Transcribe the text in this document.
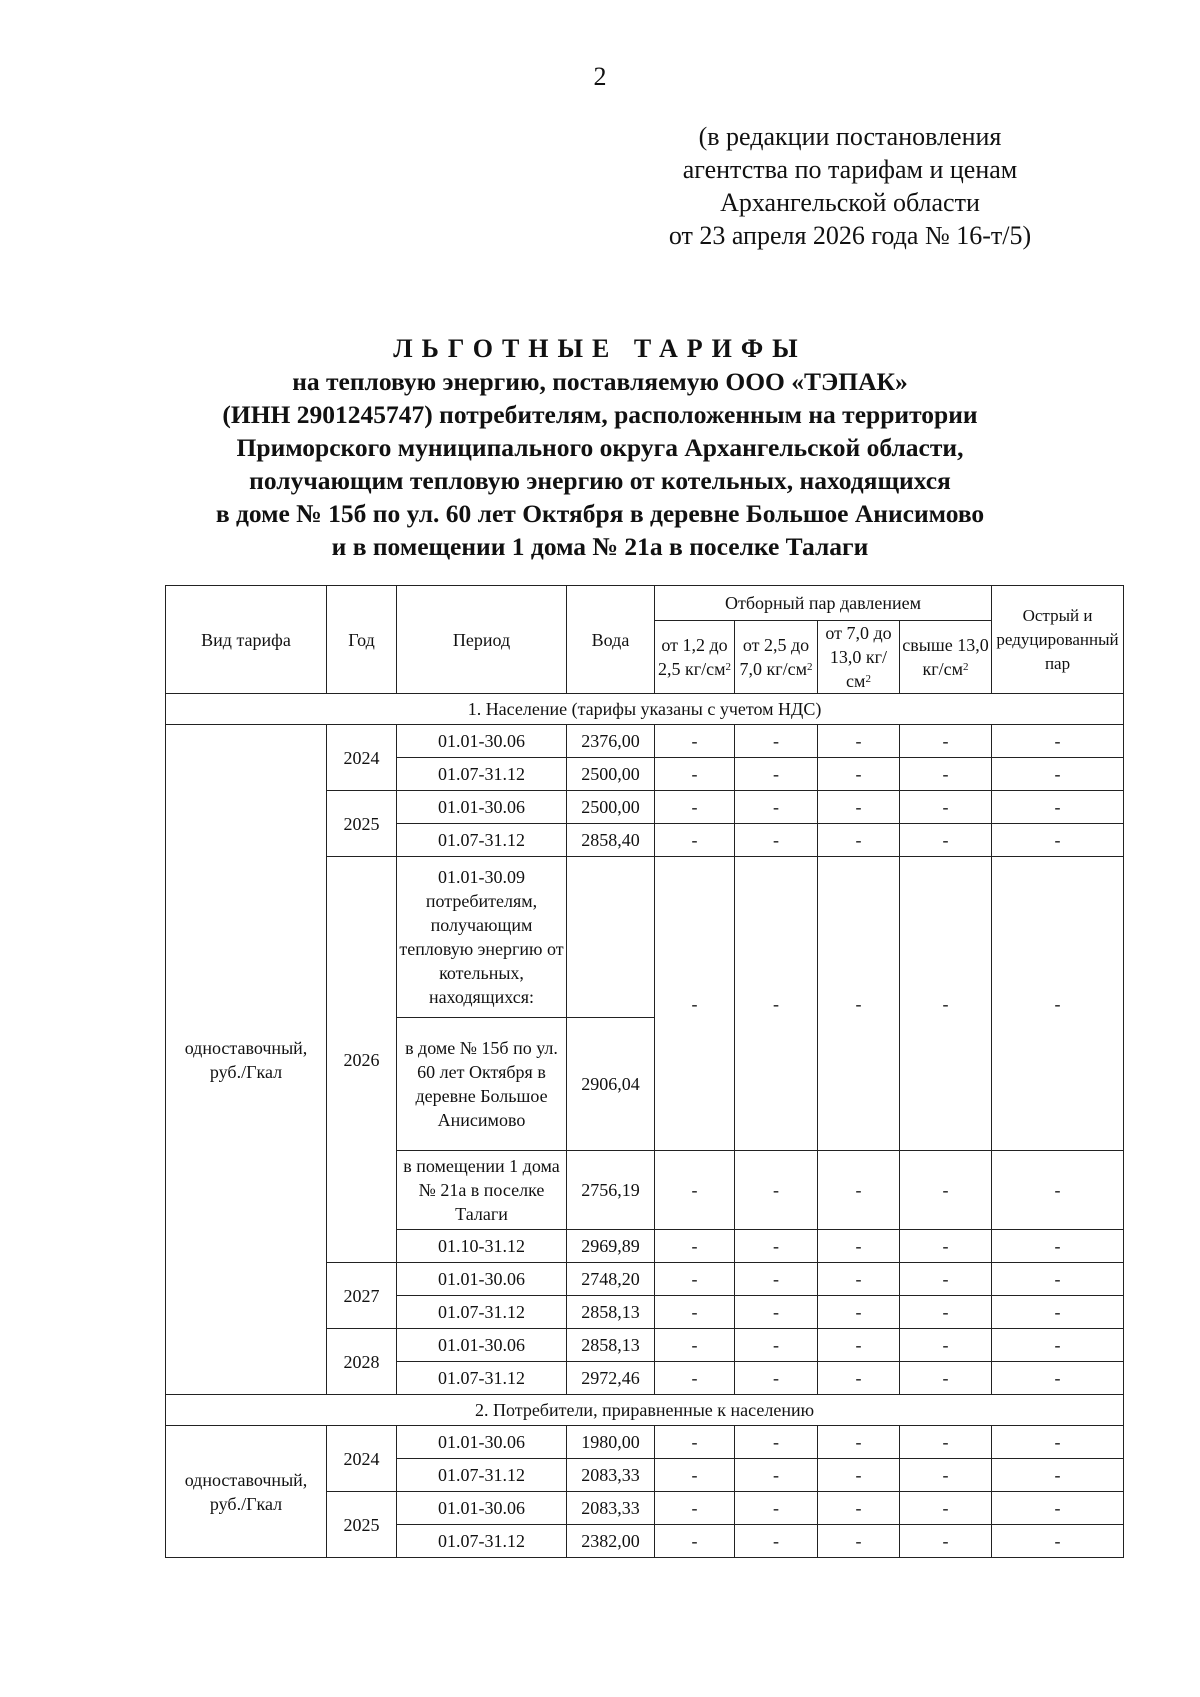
2
(в редакции постановления
агентства по тарифам и ценам
Архангельской области
от 23 апреля 2026 года № 16-т/5)
ЛЬГОТНЫЕ ТАРИФЫ
на тепловую энергию, поставляемую ООО «ТЭПАК»
(ИНН 2901245747) потребителям, расположенным на территории
Приморского муниципального округа Архангельской области,
получающим тепловую энергию от котельных, находящихся
в доме № 15б по ул. 60 лет Октября в деревне Большое Анисимово
и в помещении 1 дома № 21а в поселке Талаги
Вид тарифа	Год	Период	Вода	Отборный пар давлением				Острый и редуцированный пар
				от 1,2 до 2,5 $кг/см^2$	от 2,5 до 7,0 $кг/см^2$	от 7,0 до 13,0 $кг/см^2$	свыше 13,0 $кг/см^2$
1. Население (тарифы указаны с учетом НДС)								
одноставочный, руб./Гкал	2024	01.01-30.06	2376,00	-	-	-	-	-
		01.07-31.12	2500,00	-	-	-	-	-
	2025	01.01-30.06	2500,00	-	-	-	-	-
		01.07-31.12	2858,40	-	-	-	-	-
	2026	01.01-30.09 потребителям, получающим тепловую энергию от котельных, находящихся:		-	-	-	-	-
		в доме № 15б по ул. 60 лет Октября в деревне Большое Анисимово	2906,04					
		в помещении 1 дома № 21а в поселке Талаги	2756,19	-	-	-	-	-
		01.10-31.12	2969,89	-	-	-	-	-
	2027	01.01-30.06	2748,20	-	-	-	-	-
		01.07-31.12	2858,13	-	-	-	-	-
	2028	01.01-30.06	2858,13	-	-	-	-	-
		01.07-31.12	2972,46	-	-	-	-	-
2. Потребители, приравненные к населению								
одноставочный, руб./Гкал	2024	01.01-30.06	1980,00	-	-	-	-	-
		01.07-31.12	2083,33	-	-	-	-	-
	2025	01.01-30.06	2083,33	-	-	-	-	-
		01.07-31.12	2382,00	-	-	-	-	-
